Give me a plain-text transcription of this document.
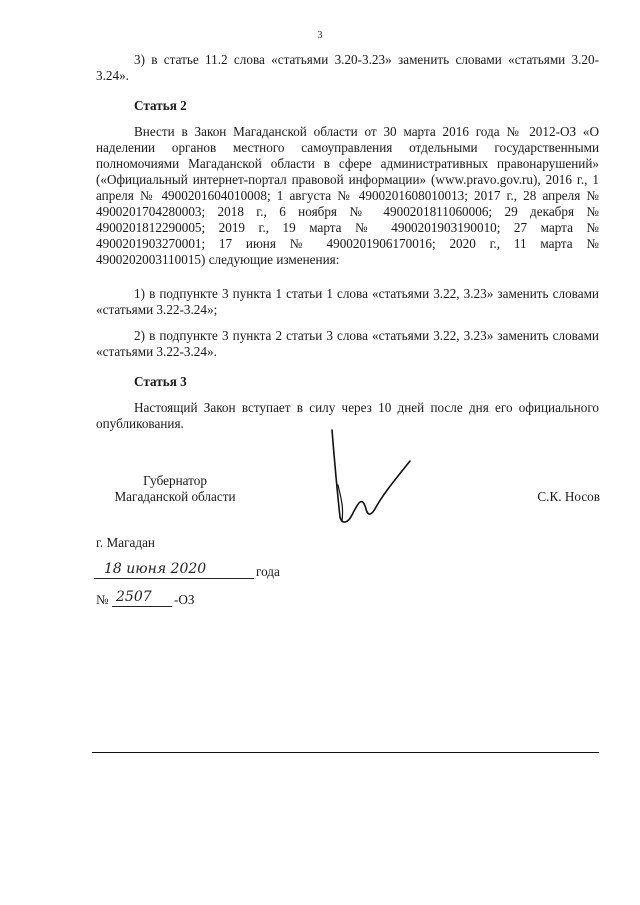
3
3) в статье 11.2 слова «статьями 3.20-3.23» заменить словами «статьями 3.20-3.24».
Статья 2
Внести в Закон Магаданской области от 30 марта 2016 года № 2012-ОЗ «О наделении органов местного самоуправления отдельными государственными полномочиями Магаданской области в сфере административных правонарушений» («Официальный интернет-портал правовой информации» (www.pravo.gov.ru), 2016 г., 1 апреля № 4900201604010008; 1 августа № 4900201608010013; 2017 г., 28 апреля № 4900201704280003; 2018 г., 6 ноября № 4900201811060006; 29 декабря № 4900201812290005; 2019 г., 19 марта № 4900201903190010; 27 марта № 4900201903270001; 17 июня № 4900201906170016; 2020 г., 11 марта № 4900202003110015) следующие изменения:
1) в подпункте 3 пункта 1 статьи 1 слова «статьями 3.22, 3.23» заменить словами «статьями 3.22-3.24»;
2) в подпункте 3 пункта 2 статьи 3 слова «статьями 3.22, 3.23» заменить словами «статьями 3.22-3.24».
Статья 3
Настоящий Закон вступает в силу через 10 дней после дня его официального опубликования.
Губернатор
Магаданской области	С.К. Носов
г. Магадан
18 июня 2020	года
№ 2507 -ОЗ
